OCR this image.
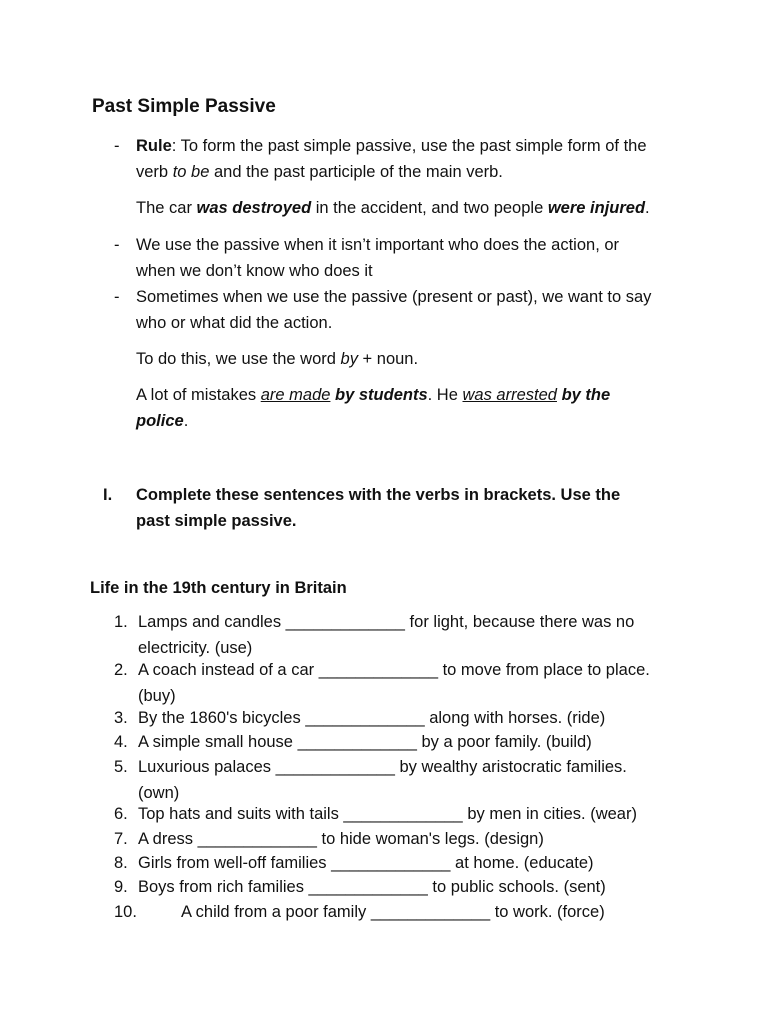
Past Simple Passive
-	Rule: To form the past simple passive, use the past simple form of the
verb to be and the past participle of the main verb.
The car was destroyed in the accident, and two people were injured.
-	We use the passive when it isn’t important who does the action, or
when we don’t know who does it
-	Sometimes when we use the passive (present or past), we want to say
who or what did the action.
To do this, we use the word by + noun.
A lot of mistakes are made by students. He was arrested by the
police.
I. Complete these sentences with the verbs in brackets. Use the
past simple passive.
Life in the 19th century in Britain
1. Lamps and candles _____________ for light, because there was no
electricity. (use)
2. A coach instead of a car _____________ to move from place to place.
(buy)
3. By the 1860's bicycles _____________ along with horses. (ride)
4. A simple small house _____________ by a poor family. (build)
5. Luxurious palaces _____________ by wealthy aristocratic families.
(own)
6. Top hats and suits with tails _____________ by men in cities. (wear)
7. A dress _____________ to hide woman's legs. (design)
8. Girls from well-off families _____________ at home. (educate)
9. Boys from rich families _____________ to public schools. (sent)
10.	A child from a poor family _____________ to work. (force)
